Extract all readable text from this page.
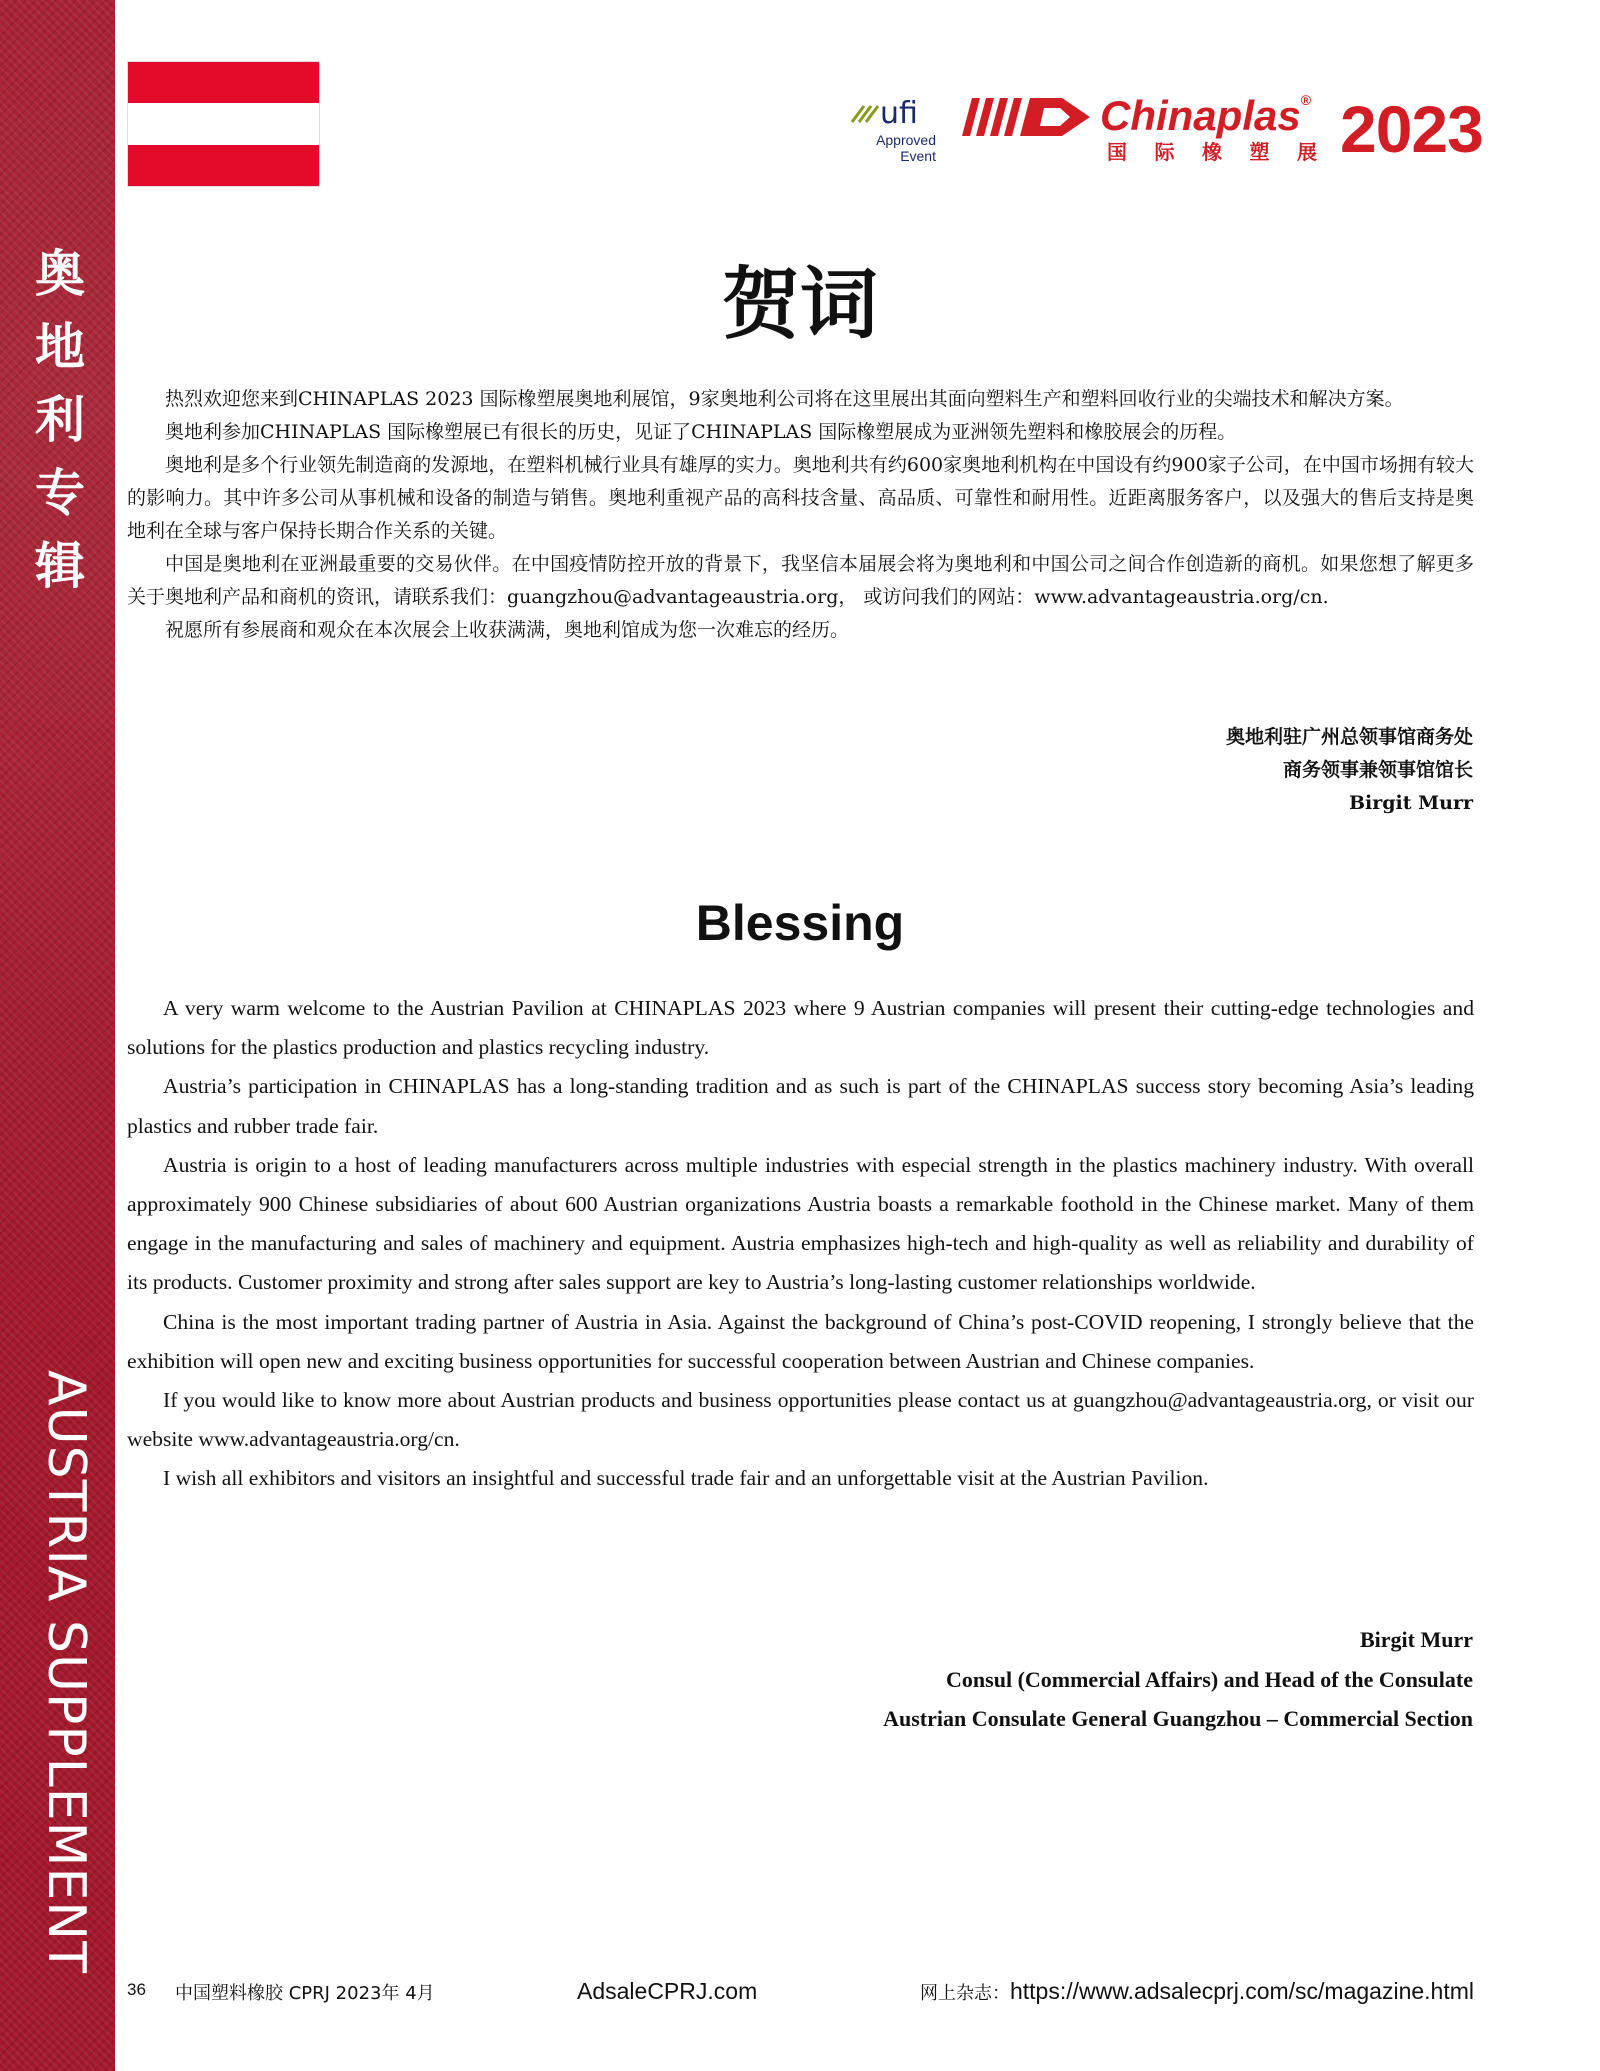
奥地利专辑
AUSTRIA SUPPLEMENT
ufi
Approved
Event
Chinaplas®
国 际 橡 塑 展 2023
贺词

热烈欢迎您来到CHINAPLAS 2023 国际橡塑展奥地利展馆，9家奥地利公司将在这里展出其面向塑料生产和塑料回收行业的尖端技术和解决方案。

奥地利参加CHINAPLAS 国际橡塑展已有很长的历史，见证了CHINAPLAS 国际橡塑展成为亚洲领先塑料和橡胶展会的历程。

奥地利是多个行业领先制造商的发源地，在塑料机械行业具有雄厚的实力。奥地利共有约600家奥地利机构在中国设有约900家子公司，在中国市场拥有较大的影响力。其中许多公司从事机械和设备的制造与销售。奥地利重视产品的高科技含量、高品质、可靠性和耐用性。近距离服务客户，以及强大的售后支持是奥地利在全球与客户保持长期合作关系的关键。

中国是奥地利在亚洲最重要的交易伙伴。在中国疫情防控开放的背景下，我坚信本届展会将为奥地利和中国公司之间合作创造新的商机。如果您想了解更多关于奥地利产品和商机的资讯，请联系我们：guangzhou@advantageaustria.org， 或访问我们的网站：www.advantageaustria.org/cn.

祝愿所有参展商和观众在本次展会上收获满满，奥地利馆成为您一次难忘的经历。

奥地利驻广州总领事馆商务处
商务领事兼领事馆馆长
Birgit Murr
Blessing

A very warm welcome to the Austrian Pavilion at CHINAPLAS 2023 where 9 Austrian companies will present their cutting-edge technologies and solutions for the plastics production and plastics recycling industry.

Austria’s participation in CHINAPLAS has a long-standing tradition and as such is part of the CHINAPLAS success story becoming Asia’s leading plastics and rubber trade fair.

Austria is origin to a host of leading manufacturers across multiple industries with especial strength in the plastics machinery industry. With overall approximately 900 Chinese subsidiaries of about 600 Austrian organizations Austria boasts a remarkable foothold in the Chinese market. Many of them engage in the manufacturing and sales of machinery and equipment. Austria emphasizes high-tech and high-quality as well as reliability and durability of its products. Customer proximity and strong after sales support are key to Austria’s long-lasting customer relationships worldwide.

China is the most important trading partner of Austria in Asia. Against the background of China’s post-COVID reopening, I strongly believe that the exhibition will open new and exciting business opportunities for successful cooperation between Austrian and Chinese companies.

If you would like to know more about Austrian products and business opportunities please contact us at guangzhou@advantageaustria.org, or visit our website www.advantageaustria.org/cn.

I wish all exhibitors and visitors an insightful and successful trade fair and an unforgettable visit at the Austrian Pavilion.

Birgit Murr
Consul (Commercial Affairs) and Head of the Consulate
Austrian Consulate General Guangzhou – Commercial Section
36 中国塑料橡胶 CPRJ 2023年 4月	AdsaleCPRJ.com	网上杂志：https://www.adsalecprj.com/sc/magazine.html
